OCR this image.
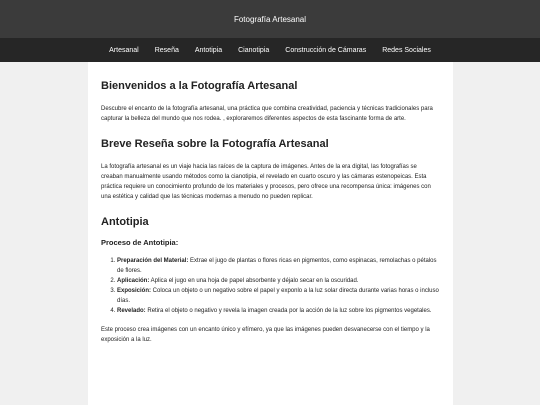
Fotografía Artesanal
Artesanal	Reseña	Antotipia	Cianotipia	Construcción de Cámaras	Redes Sociales
Bienvenidos a la Fotografía Artesanal

Descubre el encanto de la fotografía artesanal, una práctica que combina creatividad, paciencia y técnicas tradicionales para capturar la belleza del mundo que nos rodea. , exploraremos diferentes aspectos de esta fascinante forma de arte.

Breve Reseña sobre la Fotografía Artesanal

La fotografía artesanal es un viaje hacia las raíces de la captura de imágenes. Antes de la era digital, las fotografías se creaban manualmente usando métodos como la cianotipia, el revelado en cuarto oscuro y las cámaras estenopeicas. Esta práctica requiere un conocimiento profundo de los materiales y procesos, pero ofrece una recompensa única: imágenes con una estética y calidad que las técnicas modernas a menudo no pueden replicar.

Antotipia
Proceso de Antotipia:
1. Preparación del Material: Extrae el jugo de plantas o flores ricas en pigmentos, como espinacas, remolachas o pétalos de flores.
2. Aplicación: Aplica el jugo en una hoja de papel absorbente y déjalo secar en la oscuridad.
3. Exposición: Coloca un objeto o un negativo sobre el papel y exponlo a la luz solar directa durante varias horas o incluso días.
4. Revelado: Retira el objeto o negativo y revela la imagen creada por la acción de la luz sobre los pigmentos vegetales.

Este proceso crea imágenes con un encanto único y efímero, ya que las imágenes pueden desvanecerse con el tiempo y la exposición a la luz.
